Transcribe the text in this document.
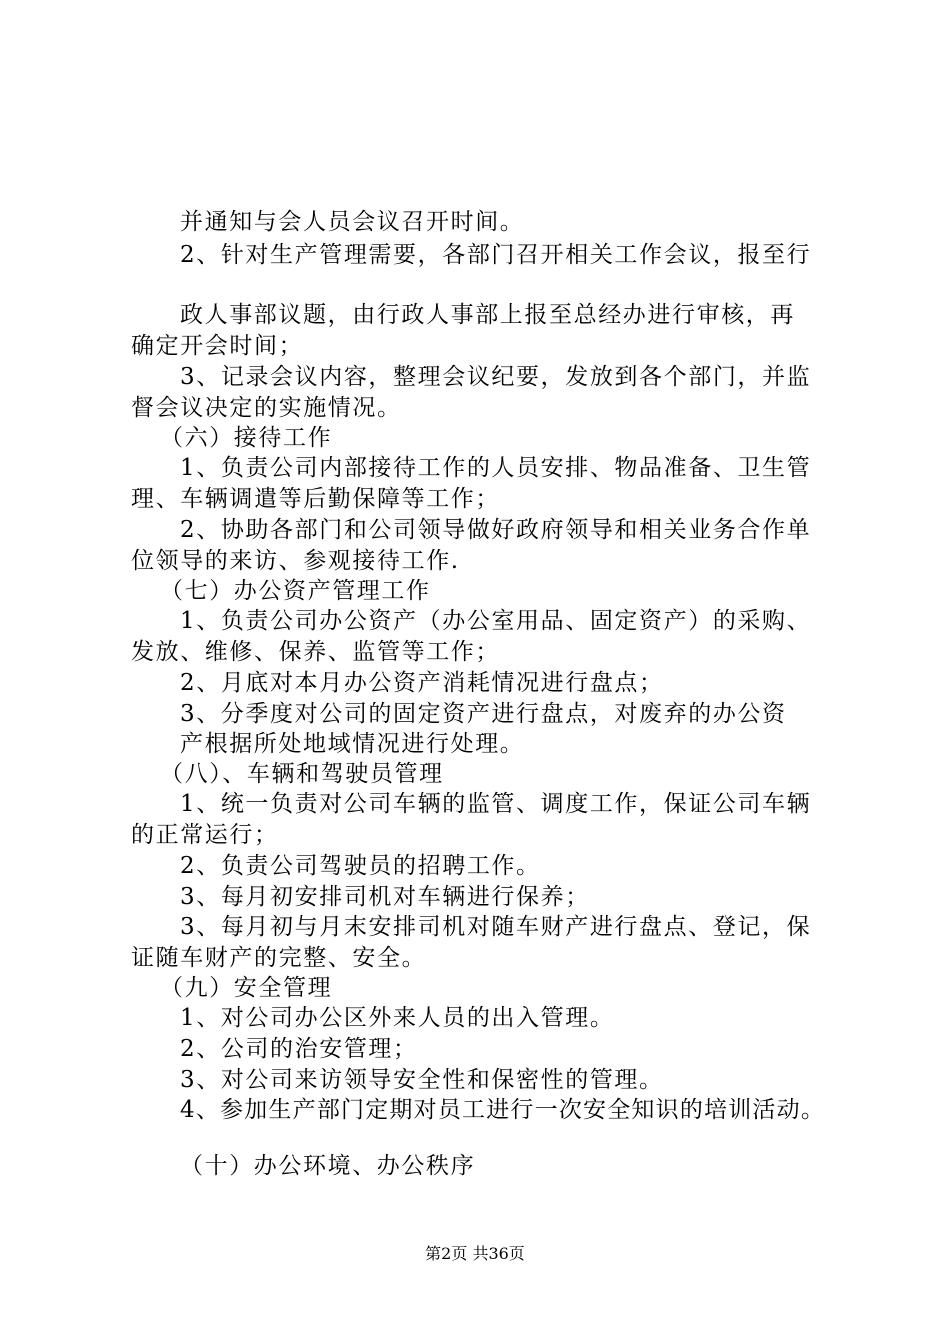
并通知与会人员会议召开时间。
2、针对生产管理需要，各部门召开相关工作会议，报至行
政人事部议题，由行政人事部上报至总经办进行审核，再
确定开会时间；
3、记录会议内容，整理会议纪要，发放到各个部门，并监
督会议决定的实施情况。
（六）接待工作
1、负责公司内部接待工作的人员安排、物品准备、卫生管
理、车辆调遣等后勤保障等工作；
2、协助各部门和公司领导做好政府领导和相关业务合作单
位领导的来访、参观接待工作.
（七）办公资产管理工作
1、负责公司办公资产（办公室用品、固定资产）的采购、
发放、维修、保养、监管等工作；
2、月底对本月办公资产消耗情况进行盘点；
3、分季度对公司的固定资产进行盘点，对废弃的办公资
产根据所处地域情况进行处理。
（八）、车辆和驾驶员管理
1、统一负责对公司车辆的监管、调度工作，保证公司车辆
的正常运行；
2、负责公司驾驶员的招聘工作。
3、每月初安排司机对车辆进行保养；
3、每月初与月末安排司机对随车财产进行盘点、登记，保
证随车财产的完整、安全。
（九）安全管理
1、对公司办公区外来人员的出入管理。
2、公司的治安管理；
3、对公司来访领导安全性和保密性的管理。
4、参加生产部门定期对员工进行一次安全知识的培训活动。
（十）办公环境、办公秩序
第2页 共36页
